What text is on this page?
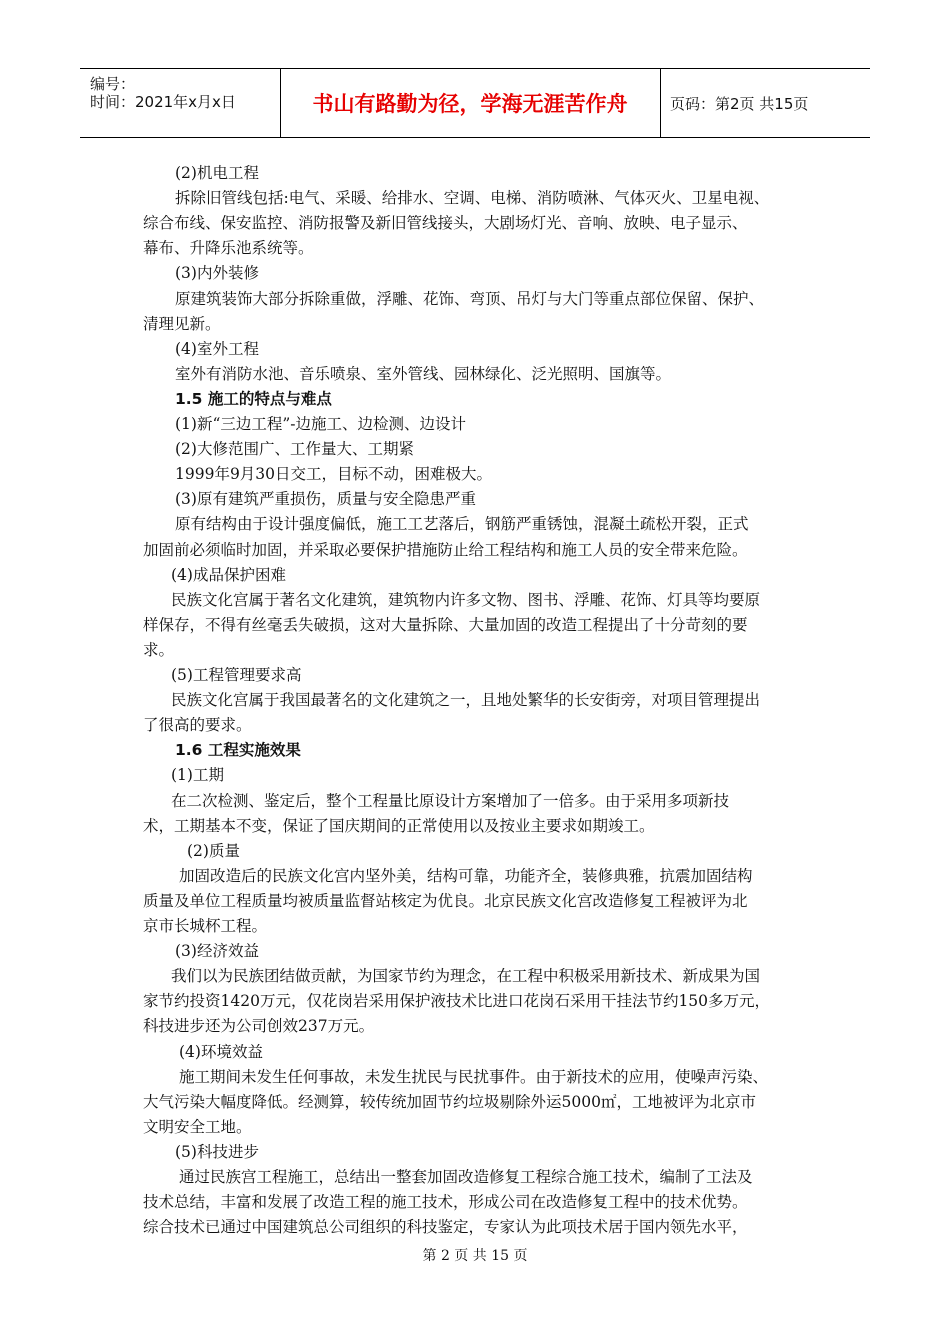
编号：
时间：2021年x月x日	书山有路勤为径，学海无涯苦作舟	页码：第2页 共15页
(2)机电工程
拆除旧管线包括:电气、采暖、给排水、空调、电梯、消防喷淋、气体灭火、卫星电视、
综合布线、保安监控、消防报警及新旧管线接头，大剧场灯光、音响、放映、电子显示、
幕布、升降乐池系统等。
(3)内外装修
原建筑装饰大部分拆除重做，浮雕、花饰、弯顶、吊灯与大门等重点部位保留、保护、
清理见新。
(4)室外工程
室外有消防水池、音乐喷泉、室外管线、园林绿化、泛光照明、国旗等。
1.5 施工的特点与难点
(1)新“三边工程”-边施工、边检测、边设计
(2)大修范围广、工作量大、工期紧
1999年9月30日交工，目标不动，困难极大。
(3)原有建筑严重损伤，质量与安全隐患严重
原有结构由于设计强度偏低，施工工艺落后，钢筋严重锈蚀，混凝土疏松开裂，正式
加固前必须临时加固，并采取必要保护措施防止给工程结构和施工人员的安全带来危险。
(4)成品保护困难
民族文化宫属于著名文化建筑，建筑物内许多文物、图书、浮雕、花饰、灯具等均要原
样保存，不得有丝毫丢失破损，这对大量拆除、大量加固的改造工程提出了十分苛刻的要
求。
(5)工程管理要求高
民族文化宫属于我国最著名的文化建筑之一，且地处繁华的长安街旁，对项目管理提出
了很高的要求。
1.6 工程实施效果
(1)工期
在二次检测、鉴定后，整个工程量比原设计方案增加了一倍多。由于采用多项新技
术，工期基本不变，保证了国庆期间的正常使用以及按业主要求如期竣工。
(2)质量
加固改造后的民族文化宫内坚外美，结构可靠，功能齐全，装修典雅，抗震加固结构
质量及单位工程质量均被质量监督站核定为优良。北京民族文化宫改造修复工程被评为北
京市长城杯工程。
(3)经济效益
我们以为民族团结做贡献，为国家节约为理念，在工程中积极采用新技术、新成果为国
家节约投资1420万元，仅花岗岩采用保护液技术比进口花岗石采用干挂法节约150多万元，
科技进步还为公司创效237万元。
(4)环境效益
施工期间未发生任何事故，未发生扰民与民扰事件。由于新技术的应用，使噪声污染、
大气污染大幅度降低。经测算，较传统加固节约垃圾剔除外运5000㎡，工地被评为北京市
文明安全工地。
(5)科技进步
通过民族宫工程施工，总结出一整套加固改造修复工程综合施工技术，编制了工法及
技术总结，丰富和发展了改造工程的施工技术，形成公司在改造修复工程中的技术优势。
综合技术已通过中国建筑总公司组织的科技鉴定，专家认为此项技术居于国内领先水平，
第 2 页 共 15 页
